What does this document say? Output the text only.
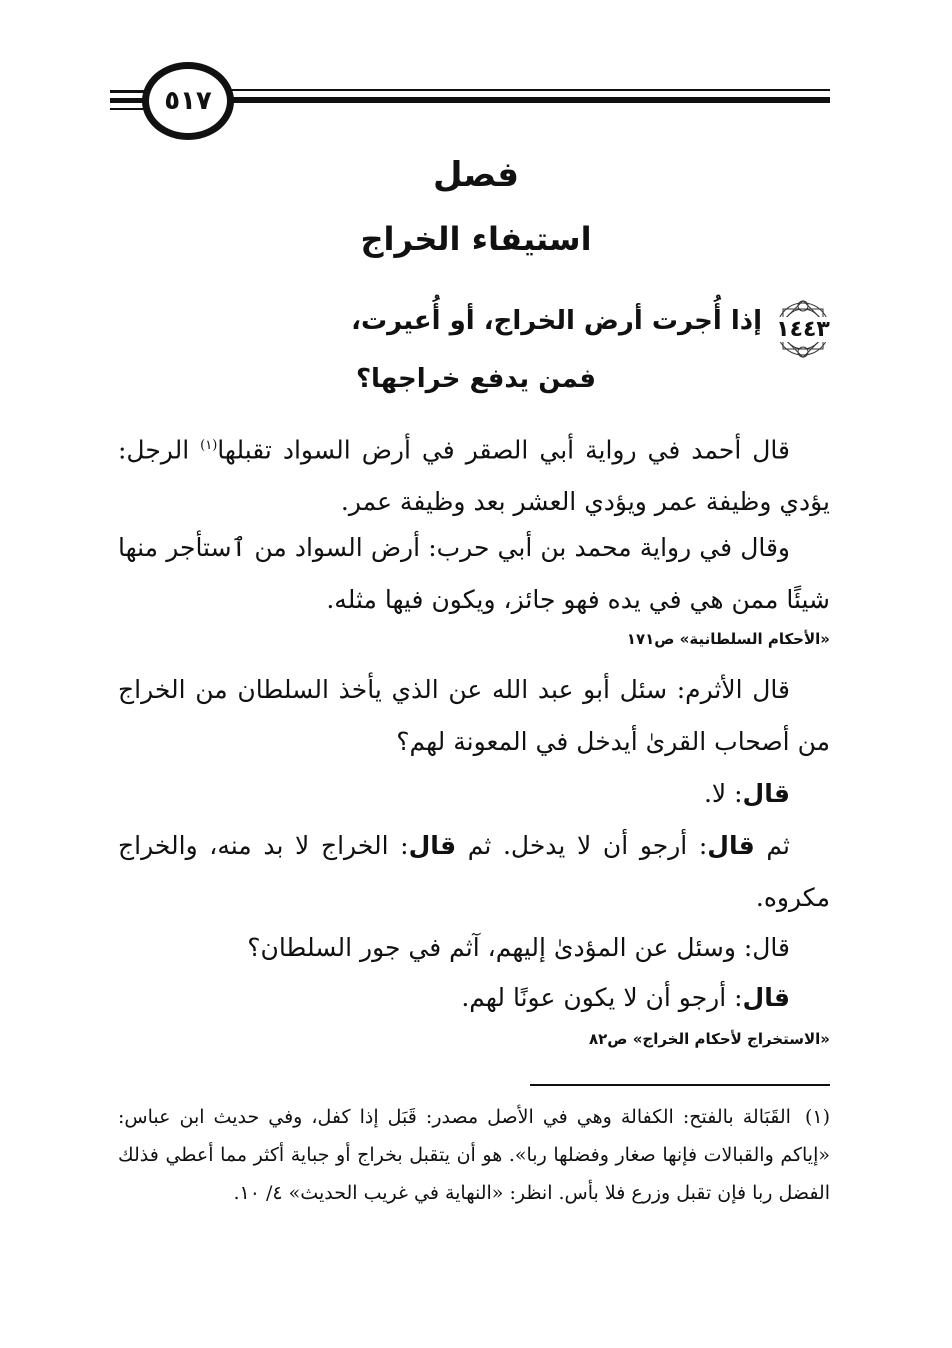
٥١٧
فصل
استيفاء الخراج
١٤٤٣
إذا أُجرت أرض الخراج، أو أُعيرت،
فمن يدفع خراجها؟
قال أحمد في رواية أبي الصقر في أرض السواد تقبلها$^{(١)}$ الرجل: يؤدي وظيفة عمر ويؤدي العشر بعد وظيفة عمر.
وقال في رواية محمد بن أبي حرب: أرض السواد من ٱستأجر منها شيئًا ممن هي في يده فهو جائز، ويكون فيها مثله.
«الأحكام السلطانية» ص١٧١
قال الأثرم: سئل أبو عبد الله عن الذي يأخذ السلطان من الخراج من أصحاب القرىٰ أيدخل في المعونة لهم؟
قال: لا.
ثم قال: أرجو أن لا يدخل. ثم قال: الخراج لا بد منه، والخراج مكروه.
قال: وسئل عن المؤدىٰ إليهم، آثم في جور السلطان؟
قال: أرجو أن لا يكون عونًا لهم.
«الاستخراج لأحكام الخراج» ص٨٢
(١)القَبَالة بالفتح: الكفالة وهي في الأصل مصدر: قَبَل إذا كفل، وفي حديث ابن عباس: «إياكم والقبالات فإنها صغار وفضلها ربا». هو أن يتقبل بخراج أو جباية أكثر مما أعطي فذلك الفضل ربا فإن تقبل وزرع فلا بأس. انظر: «النهاية في غريب الحديث» ٤/ ١٠.
